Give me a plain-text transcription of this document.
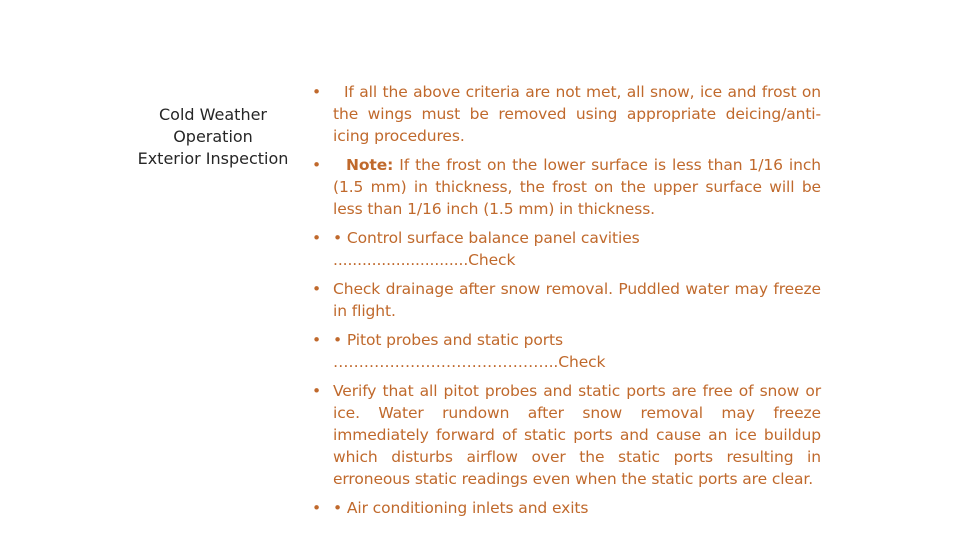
Cold Weather
Operation
Exterior Inspection
• If all the above criteria are not met, all snow, ice and frost on the wings must be removed using appropriate deicing/anti-icing procedures.
• Note: If the frost on the lower surface is less than 1/16 inch (1.5 mm) in thickness, the frost on the upper surface will be less than 1/16 inch (1.5 mm) in thickness.
• • Control surface balance panel cavities
............................Check
• Check drainage after snow removal. Puddled water may freeze in flight.
• • Pitot probes and static ports
……………………………………..Check
• Verify that all pitot probes and static ports are free of snow or ice. Water rundown after snow removal may freeze immediately forward of static ports and cause an ice buildup which disturbs airflow over the static ports resulting in erroneous static readings even when the static ports are clear.
• • Air conditioning inlets and exits
